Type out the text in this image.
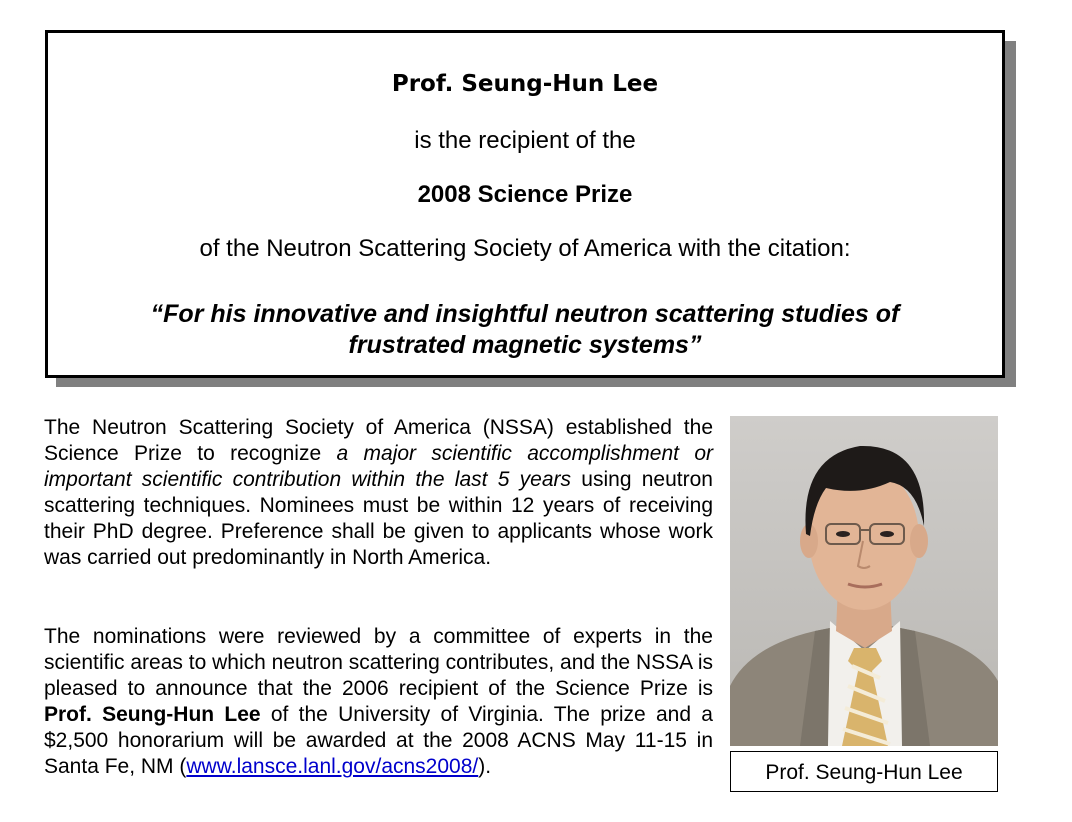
Prof. Seung-Hun Lee
is the recipient of the
2008 Science Prize
of the Neutron Scattering Society of America with the citation:
“For his innovative and insightful neutron scattering studies of frustrated magnetic systems”

The Neutron Scattering Society of America (NSSA) established the Science Prize to recognize a major scientific accomplishment or important scientific contribution within the last 5 years using neutron scattering techniques. Nominees must be within 12 years of receiving their PhD degree. Preference shall be given to applicants whose work was carried out predominantly in North America.

The nominations were reviewed by a committee of experts in the scientific areas to which neutron scattering contributes, and the NSSA is pleased to announce that the 2006 recipient of the Science Prize is Prof. Seung-Hun Lee of the University of Virginia. The prize and a $2,500 honorarium will be awarded at the 2008 ACNS May 11-15 in Santa Fe, NM (www.lansce.lanl.gov/acns2008/).	Prof. Seung-Hun Lee
